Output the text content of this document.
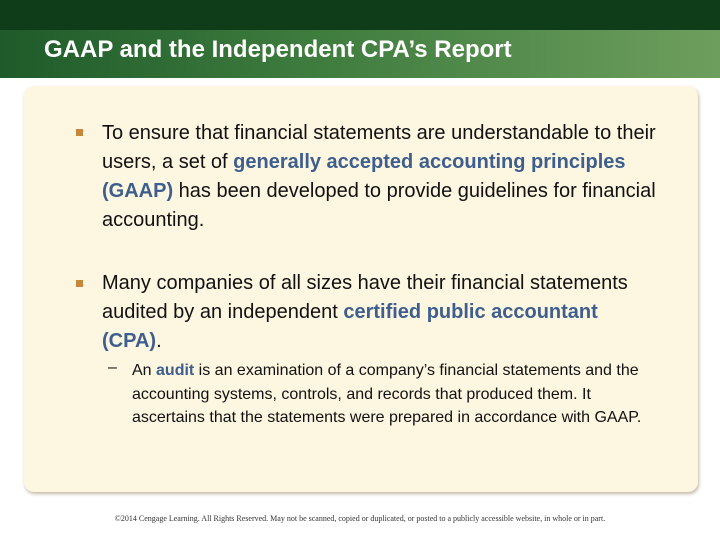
GAAP and the Independent CPA’s Report
To ensure that financial statements are understandable to their users, a set of generally accepted accounting principles (GAAP) has been developed to provide guidelines for financial accounting.
Many companies of all sizes have their financial statements audited by an independent certified public accountant (CPA).
– An audit is an examination of a company’s financial statements and the accounting systems, controls, and records that produced them. It ascertains that the statements were prepared in accordance with GAAP.
©2014 Cengage Learning. All Rights Reserved. May not be scanned, copied or duplicated, or posted to a publicly accessible website, in whole or in part.
